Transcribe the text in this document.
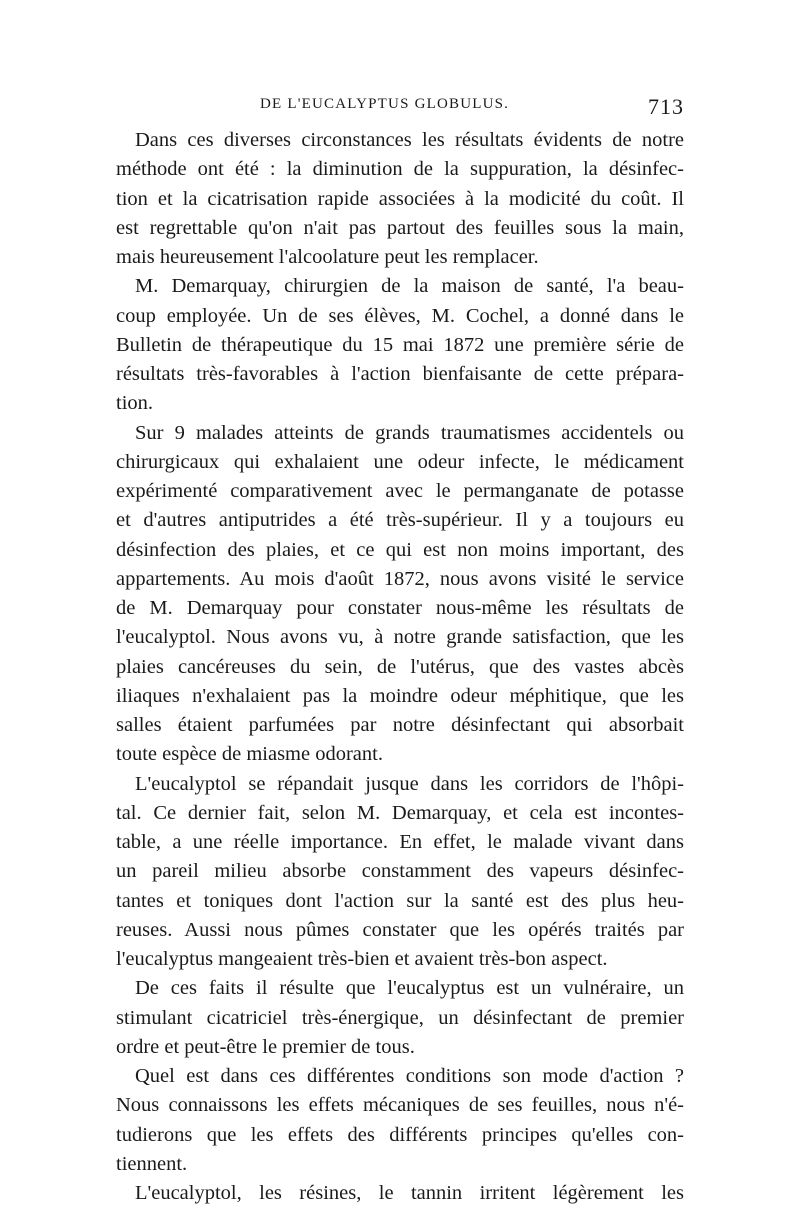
DE L'EUCALYPTUS GLOBULUS.	713
Dans ces diverses circonstances les résultats évidents de notre
méthode ont été : la diminution de la suppuration, la désinfec-
tion et la cicatrisation rapide associées à la modicité du coût. Il
est regrettable qu'on n'ait pas partout des feuilles sous la main,
mais heureusement l'alcoolature peut les remplacer.
M. Demarquay, chirurgien de la maison de santé, l'a beau-
coup employée. Un de ses élèves, M. Cochel, a donné dans le
Bulletin de thérapeutique du 15 mai 1872 une première série de
résultats très-favorables à l'action bienfaisante de cette prépara-
tion.
Sur 9 malades atteints de grands traumatismes accidentels ou
chirurgicaux qui exhalaient une odeur infecte, le médicament
expérimenté comparativement avec le permanganate de potasse
et d'autres antiputrides a été très-supérieur. Il y a toujours eu
désinfection des plaies, et ce qui est non moins important, des
appartements. Au mois d'août 1872, nous avons visité le service
de M. Demarquay pour constater nous-même les résultats de
l'eucalyptol. Nous avons vu, à notre grande satisfaction, que les
plaies cancéreuses du sein, de l'utérus, que des vastes abcès
iliaques n'exhalaient pas la moindre odeur méphitique, que les
salles étaient parfumées par notre désinfectant qui absorbait
toute espèce de miasme odorant.
L'eucalyptol se répandait jusque dans les corridors de l'hôpi-
tal. Ce dernier fait, selon M. Demarquay, et cela est incontes-
table, a une réelle importance. En effet, le malade vivant dans
un pareil milieu absorbe constamment des vapeurs désinfec-
tantes et toniques dont l'action sur la santé est des plus heu-
reuses. Aussi nous pûmes constater que les opérés traités par
l'eucalyptus mangeaient très-bien et avaient très-bon aspect.
De ces faits il résulte que l'eucalyptus est un vulnéraire, un
stimulant cicatriciel très-énergique, un désinfectant de premier
ordre et peut-être le premier de tous.
Quel est dans ces différentes conditions son mode d'action ?
Nous connaissons les effets mécaniques de ses feuilles, nous n'é-
tudierons que les effets des différents principes qu'elles con-
tiennent.
L'eucalyptol, les résines, le tannin irritent légèrement les
